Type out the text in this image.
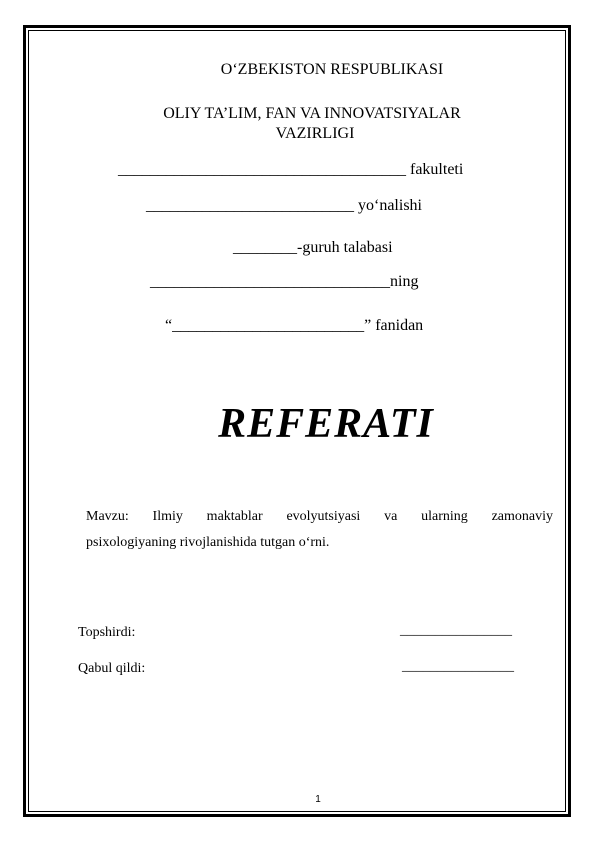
O‘ZBEKISTON RESPUBLIKASI
OLIY TA’LIM, FAN VA INNOVATSIYALAR
VAZIRLIGI
____________________________________ fakulteti
__________________________ yo‘nalishi
________-guruh talabasi
______________________________ning
“________________________” fanidan
REFERATI
Mavzu: Ilmiy maktablar evolyutsiyasi va ularning zamonaviy
psixologiyaning rivojlanishida tutgan o‘rni.
Topshirdi:	________________
Qabul qildi:	________________
1
